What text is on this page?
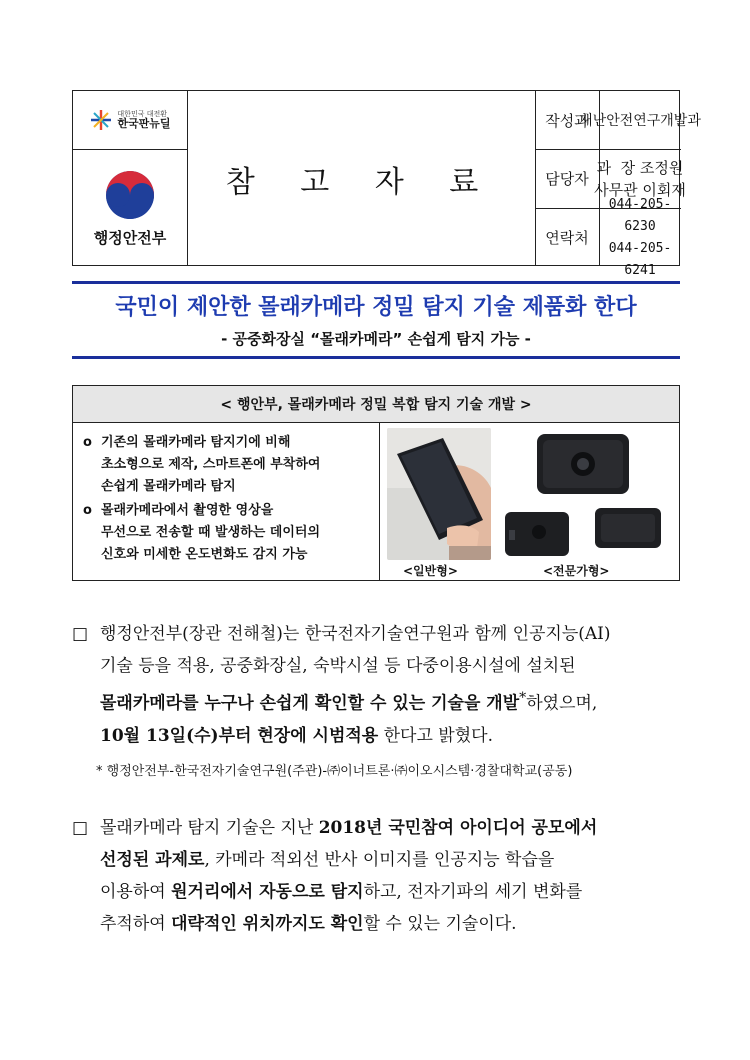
대한민국 대전환
한국판뉴딜
행정안전부
참 고 자 료
작성과
재난안전연구개발과
담당자
과  장 조정원
사무관 이회재
연락처
044-205-6230
044-205-6241
국민이 제안한 몰래카메라 정밀 탐지 기술 제품화 한다
- 공중화장실 “몰래카메라” 손쉽게 탐지 가능 -
< 행안부, 몰래카메라 정밀 복합 탐지 기술 개발 >
o 기존의 몰래카메라 탐지기에 비해
초소형으로 제작, 스마트폰에 부착하여
손쉽게 몰래카메라 탐지
o 몰래카메라에서 촬영한 영상을
무선으로 전송할 때 발생하는 데이터의
신호와 미세한 온도변화도 감지 가능
<일반형>	<전문가형>
□ 행정안전부(장관 전해철)는 한국전자기술연구원과 함께 인공지능(AI)
기술 등을 적용, 공중화장실, 숙박시설 등 다중이용시설에 설치된
몰래카메라를 누구나 손쉽게 확인할 수 있는 기술을 개발*하였으며,
10월 13일(수)부터 현장에 시범적용 한다고 밝혔다.
* 행정안전부-한국전자기술연구원(주관)-㈜이너트론·㈜이오시스템·경찰대학교(공동)
□ 몰래카메라 탐지 기술은 지난 2018년 국민참여 아이디어 공모에서
선정된 과제로, 카메라 적외선 반사 이미지를 인공지능 학습을
이용하여 원거리에서 자동으로 탐지하고, 전자기파의 세기 변화를
추적하여 대략적인 위치까지도 확인할 수 있는 기술이다.
